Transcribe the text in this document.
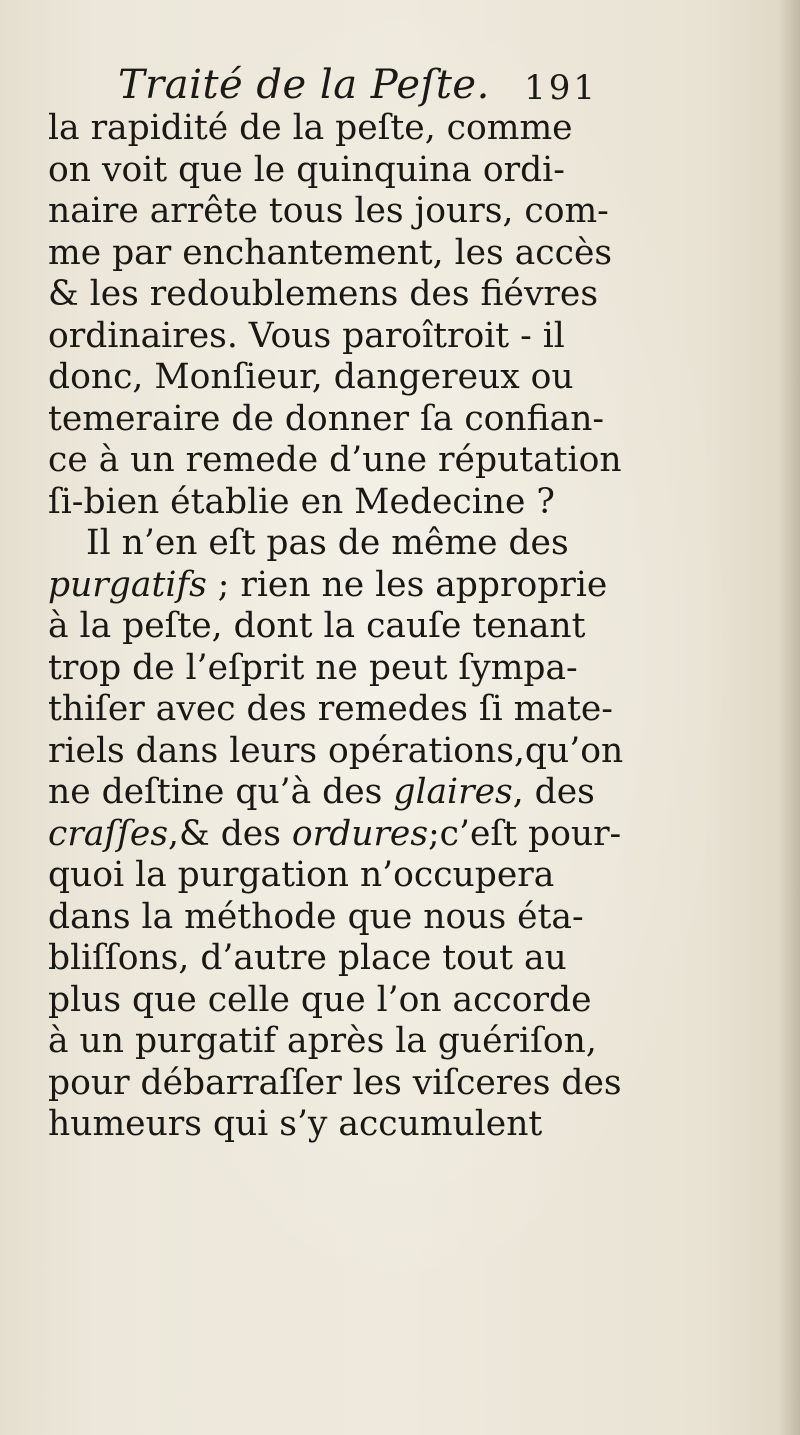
Traité de la Peſte. 191
la rapidité de la peſte, comme
on voit que le quinquina ordi-
naire arrête tous les jours, com-
me par enchantement, les accès
& les redoublemens des fiévres
ordinaires. Vous paroîtroit - il
donc, Monſieur, dangereux ou
temeraire de donner ſa confian-
ce à un remede d’une réputation
ſi-bien établie en Medecine ?
Il n’en eſt pas de même des
purgatifs ; rien ne les approprie
à la peſte, dont la cauſe tenant
trop de l’eſprit ne peut ſympa-
thiſer avec des remedes ſi mate-
riels dans leurs opérations,qu’on
ne deſtine qu’à des glaires, des
craſſes,& des ordures;c’eſt pour-
quoi la purgation n’occupera
dans la méthode que nous éta-
bliſſons, d’autre place tout au
plus que celle que l’on accorde
à un purgatif après la guériſon,
pour débarraſſer les viſceres des
humeurs qui s’y accumulent
